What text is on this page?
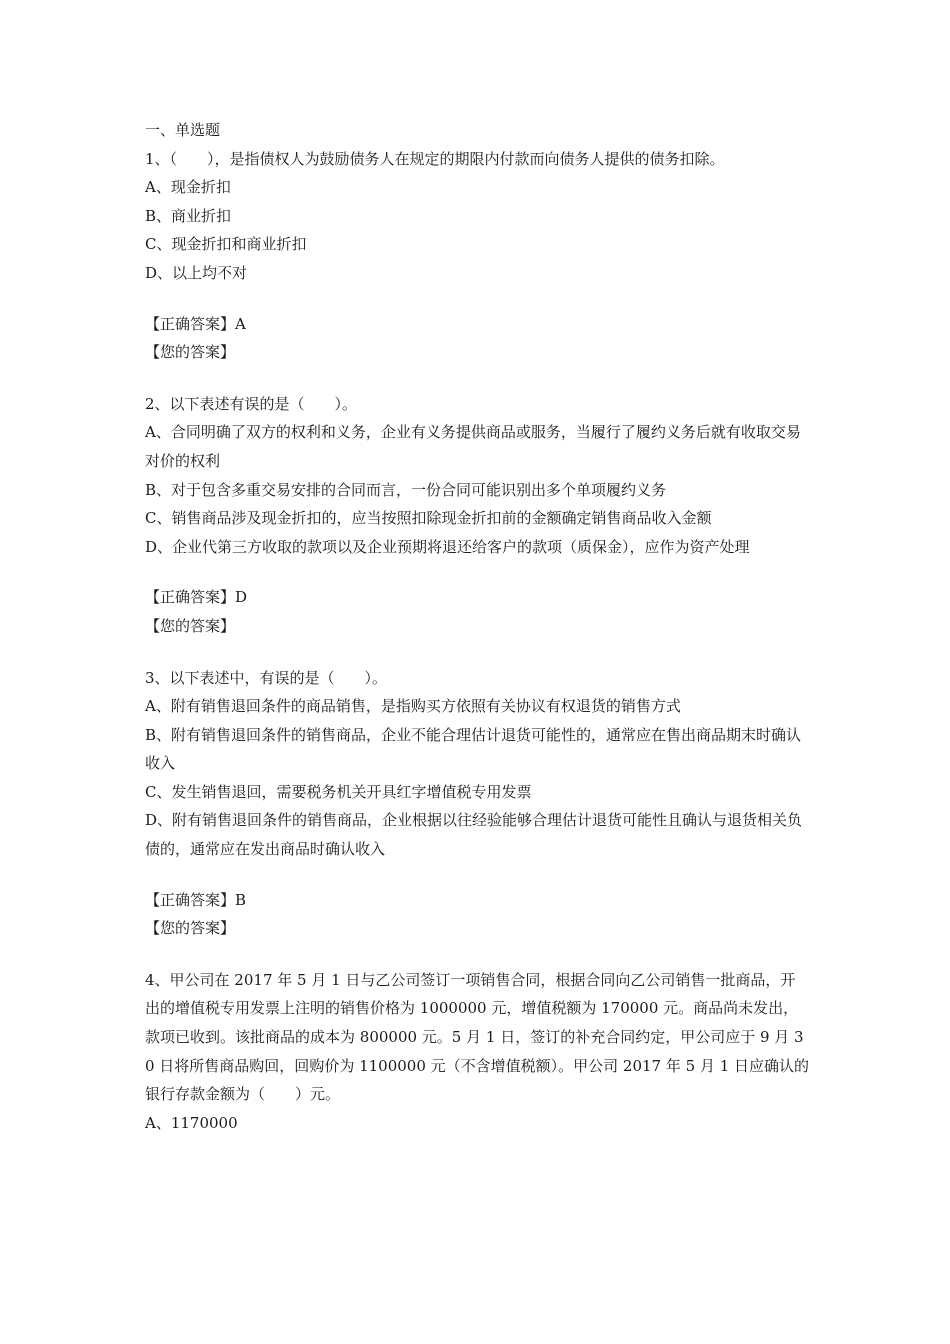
一、单选题

1、（　　），是指债权人为鼓励债务人在规定的期限内付款而向债务人提供的债务扣除。

A、现金折扣

B、商业折扣

C、现金折扣和商业折扣

D、以上均不对

【正确答案】A

【您的答案】

2、以下表述有误的是（　　）。

A、合同明确了双方的权利和义务，企业有义务提供商品或服务，当履行了履约义务后就有收取交易对价的权利

B、对于包含多重交易安排的合同而言，一份合同可能识别出多个单项履约义务

C、销售商品涉及现金折扣的，应当按照扣除现金折扣前的金额确定销售商品收入金额

D、企业代第三方收取的款项以及企业预期将退还给客户的款项（质保金），应作为资产处理

【正确答案】D

【您的答案】

3、以下表述中，有误的是（　　）。

A、附有销售退回条件的商品销售，是指购买方依照有关协议有权退货的销售方式

B、附有销售退回条件的销售商品，企业不能合理估计退货可能性的，通常应在售出商品期末时确认收入

C、发生销售退回，需要税务机关开具红字增值税专用发票

D、附有销售退回条件的销售商品，企业根据以往经验能够合理估计退货可能性且确认与退货相关负债的，通常应在发出商品时确认收入

【正确答案】B

【您的答案】

4、甲公司在 2017 年 5 月 1 日与乙公司签订一项销售合同，根据合同向乙公司销售一批商品，开出的增值税专用发票上注明的销售价格为 1000000 元，增值税额为 170000 元。商品尚未发出，款项已收到。该批商品的成本为 800000 元。5 月 1 日，签订的补充合同约定，甲公司应于 9 月 30 日将所售商品购回，回购价为 1100000 元（不含增值税额）。甲公司 2017 年 5 月 1 日应确认的银行存款金额为（　　）元。

A、1170000
